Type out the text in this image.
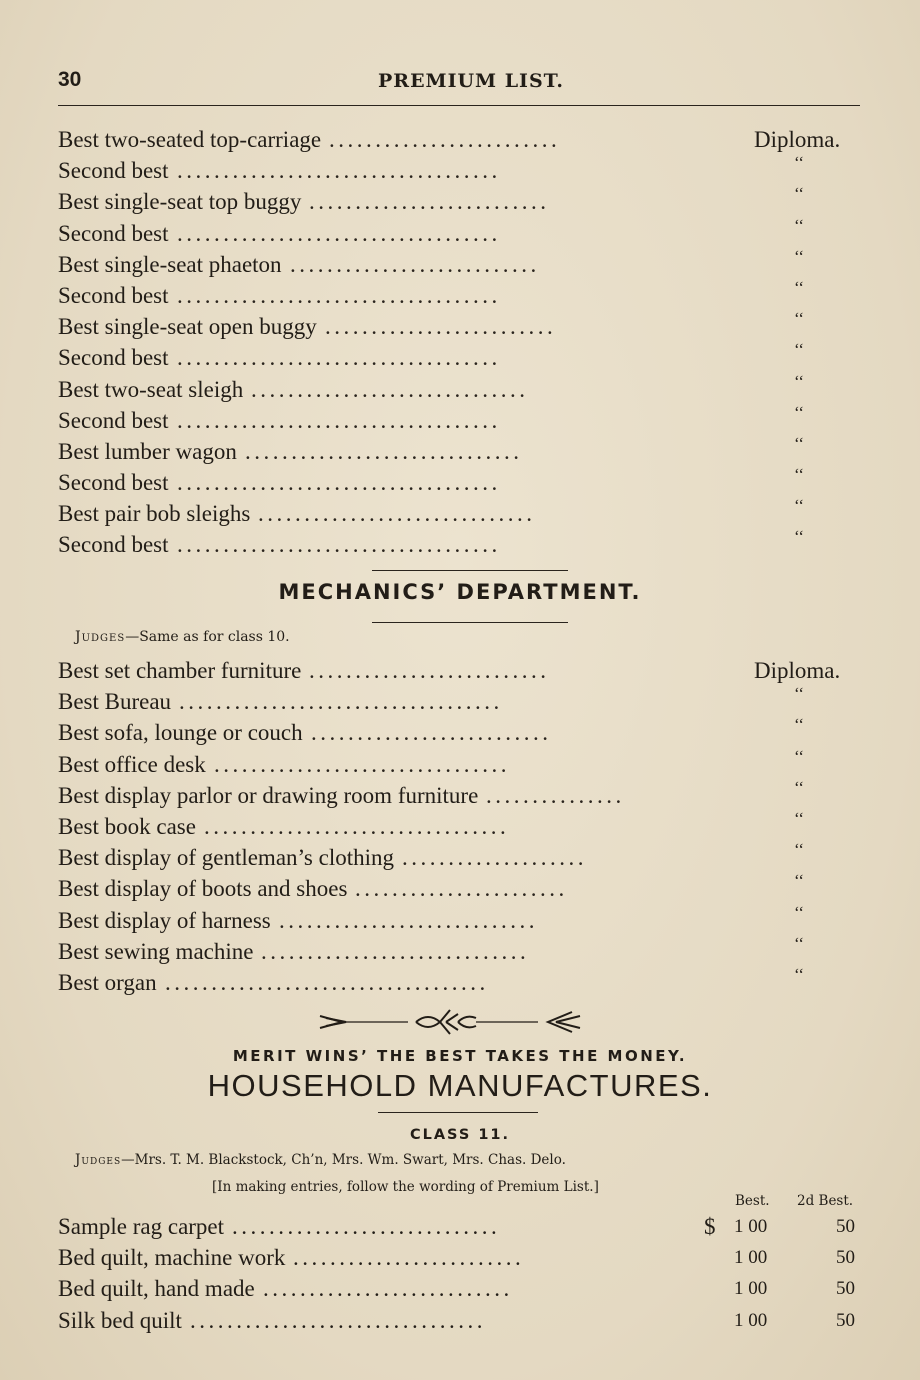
30	PREMIUM LIST.
Best two-seated top-carriage .........................	Diploma.
Second best ...................................	‘‘
Best single-seat top buggy ..........................	‘‘
Second best ...................................	‘‘
Best single-seat phaeton ...........................	‘‘
Second best ...................................	‘‘
Best single-seat open buggy .........................	‘‘
Second best ...................................	‘‘
Best two-seat sleigh ..............................	‘‘
Second best ...................................	‘‘
Best lumber wagon ..............................	‘‘
Second best ...................................	‘‘
Best pair bob sleighs ..............................	‘‘
Second best ...................................	‘‘
MECHANICS’ DEPARTMENT.
Judges—Same as for class 10.
Best set chamber furniture ..........................	Diploma.
Best Bureau ...................................	‘‘
Best sofa, lounge or couch ..........................	‘‘
Best office desk ................................	‘‘
Best display parlor or drawing room furniture ...............	‘‘
Best book case .................................	‘‘
Best display of gentleman’s clothing ....................	‘‘
Best display of boots and shoes .......................	‘‘
Best display of harness ............................	‘‘
Best sewing machine .............................	‘‘
Best organ ...................................	‘‘
MERIT WINS’ THE BEST TAKES THE MONEY.
HOUSEHOLD MANUFACTURES.
CLASS 11.
Judges—Mrs. T. M. Blackstock, Ch’n, Mrs. Wm. Swart, Mrs. Chas. Delo.
[In making entries, follow the wording of Premium List.]
Best. 2d Best.
Sample rag carpet .............................	$ 1 00	50
Bed quilt, machine work .........................	1 00	50
Bed quilt, hand made ...........................	1 00	50
Silk bed quilt ................................	1 00	50
